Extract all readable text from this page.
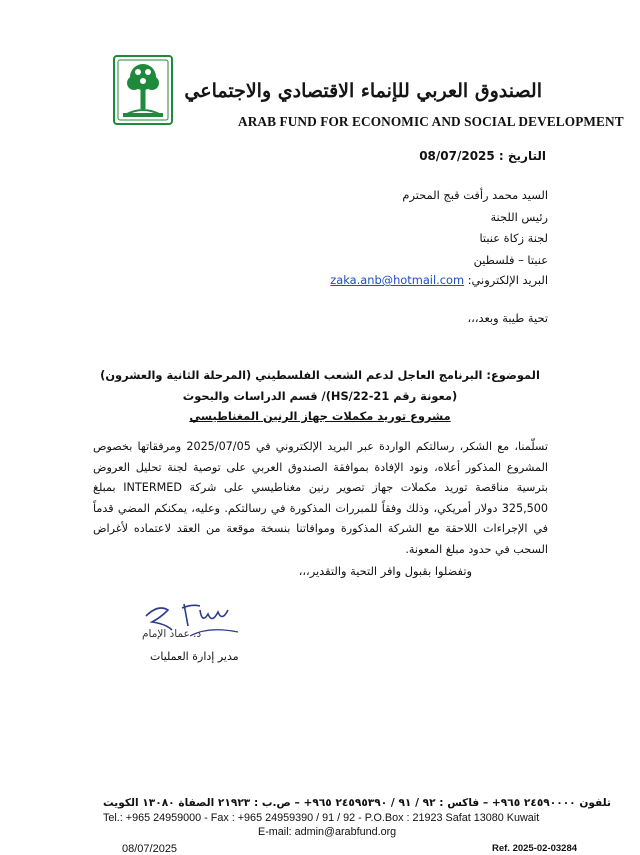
الصندوق العربي للإنماء الاقتصادي والاجتماعي
ARAB FUND FOR ECONOMIC AND SOCIAL DEVELOPMENT
التاريخ : 08/07/2025
السيد محمد رأفت قبج المحترم
رئيس اللجنة
لجنة زكاة عنبتا
عنبتا – فلسطين
البريد الإلكتروني: zaka.anb@hotmail.com
تحية طيبة وبعد،،،
الموضوع: البرنامج العاجل لدعم الشعب الفلسطيني (المرحلة الثانية والعشرون)
(معونة رقم 21-22/HS)/ قسم الدراسات والبحوث
مشروع توريد مكملات جهاز الرنين المغناطيسي
تسلّمنا، مع الشكر، رسالتكم الواردة عبر البريد الإلكتروني في 2025/07/05 ومرفقاتها بخصوص المشروع المذكور أعلاه، ونود الإفادة بموافقة الصندوق العربي على توصية لجنة تحليل العروض بترسية مناقصة توريد مكملات جهاز تصوير رنين مغناطيسي على شركة INTERMED بمبلغ 325,500 دولار أمريكي، وذلك وفقاً للمبررات المذكورة في رسالتكم. وعليه، يمكنكم المضي قدماً في الإجراءات اللاحقة مع الشركة المذكورة وموافاتنا بنسخة موقعة من العقد لاعتماده لأغراض السحب في حدود مبلغ المعونة.
وتفضلوا بقبول وافر التحية والتقدير،،،
د. عماد الإمام
مدير إدارة العمليات
تلفون ٢٤٥٩٠٠٠٠ ٩٦٥+ – فاكس : ٩٢ / ٩١ / ٢٤٥٩٥٣٩٠ ٩٦٥+ – ص.ب : ٢١٩٢٣ الصفاة ١٣٠٨٠ الكويت
Tel.: +965 24959000 - Fax : +965 24959390 / 91 / 92 - P.O.Box : 21923 Safat 13080 Kuwait
E-mail: admin@arabfund.org
08/07/2025	Ref. 2025-02-03284
